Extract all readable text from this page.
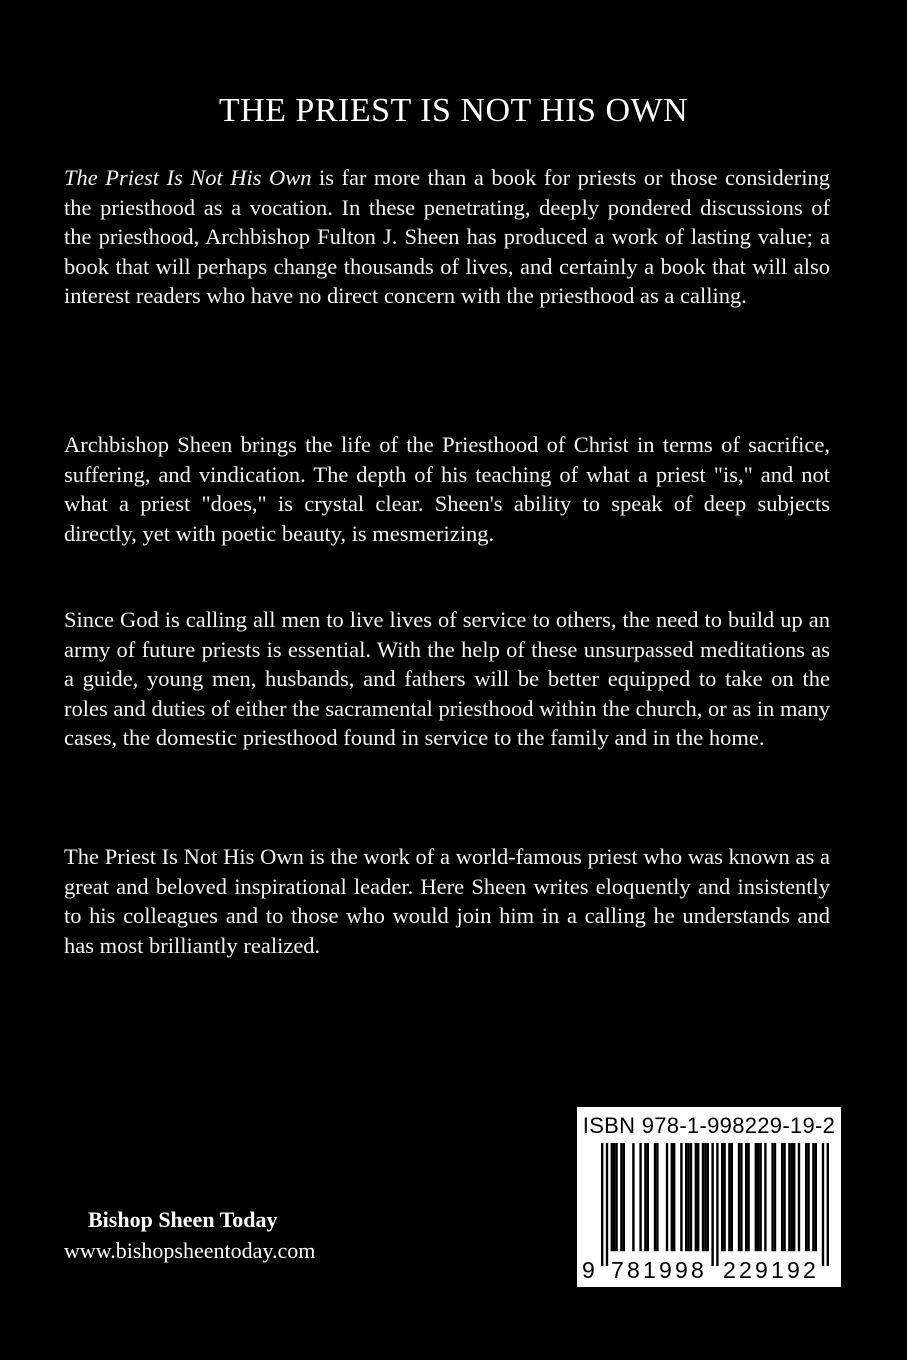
THE PRIEST IS NOT HIS OWN
The Priest Is Not His Own is far more than a book for priests or those considering the priesthood as a vocation. In these penetrating, deeply pondered discussions of the priesthood, Archbishop Fulton J. Sheen has produced a work of lasting value; a book that will perhaps change thousands of lives, and certainly a book that will also interest readers who have no direct concern with the priesthood as a calling.
Archbishop Sheen brings the life of the Priesthood of Christ in terms of sacrifice, suffering, and vindication. The depth of his teaching of what a priest "is," and not what a priest "does," is crystal clear. Sheen's ability to speak of deep subjects directly, yet with poetic beauty, is mesmerizing.
Since God is calling all men to live lives of service to others, the need to build up an army of future priests is essential. With the help of these unsurpassed meditations as a guide, young men, husbands, and fathers will be better equipped to take on the roles and duties of either the sacramental priesthood within the church, or as in many cases, the domestic priesthood found in service to the family and in the home.
The Priest Is Not His Own is the work of a world-famous priest who was known as a great and beloved inspirational leader. Here Sheen writes eloquently and insistently to his colleagues and to those who would join him in a calling he understands and has most brilliantly realized.
Bishop Sheen Today
www.bishopsheentoday.com
ISBN 978-1-998229-19-2
9 781998 229192
